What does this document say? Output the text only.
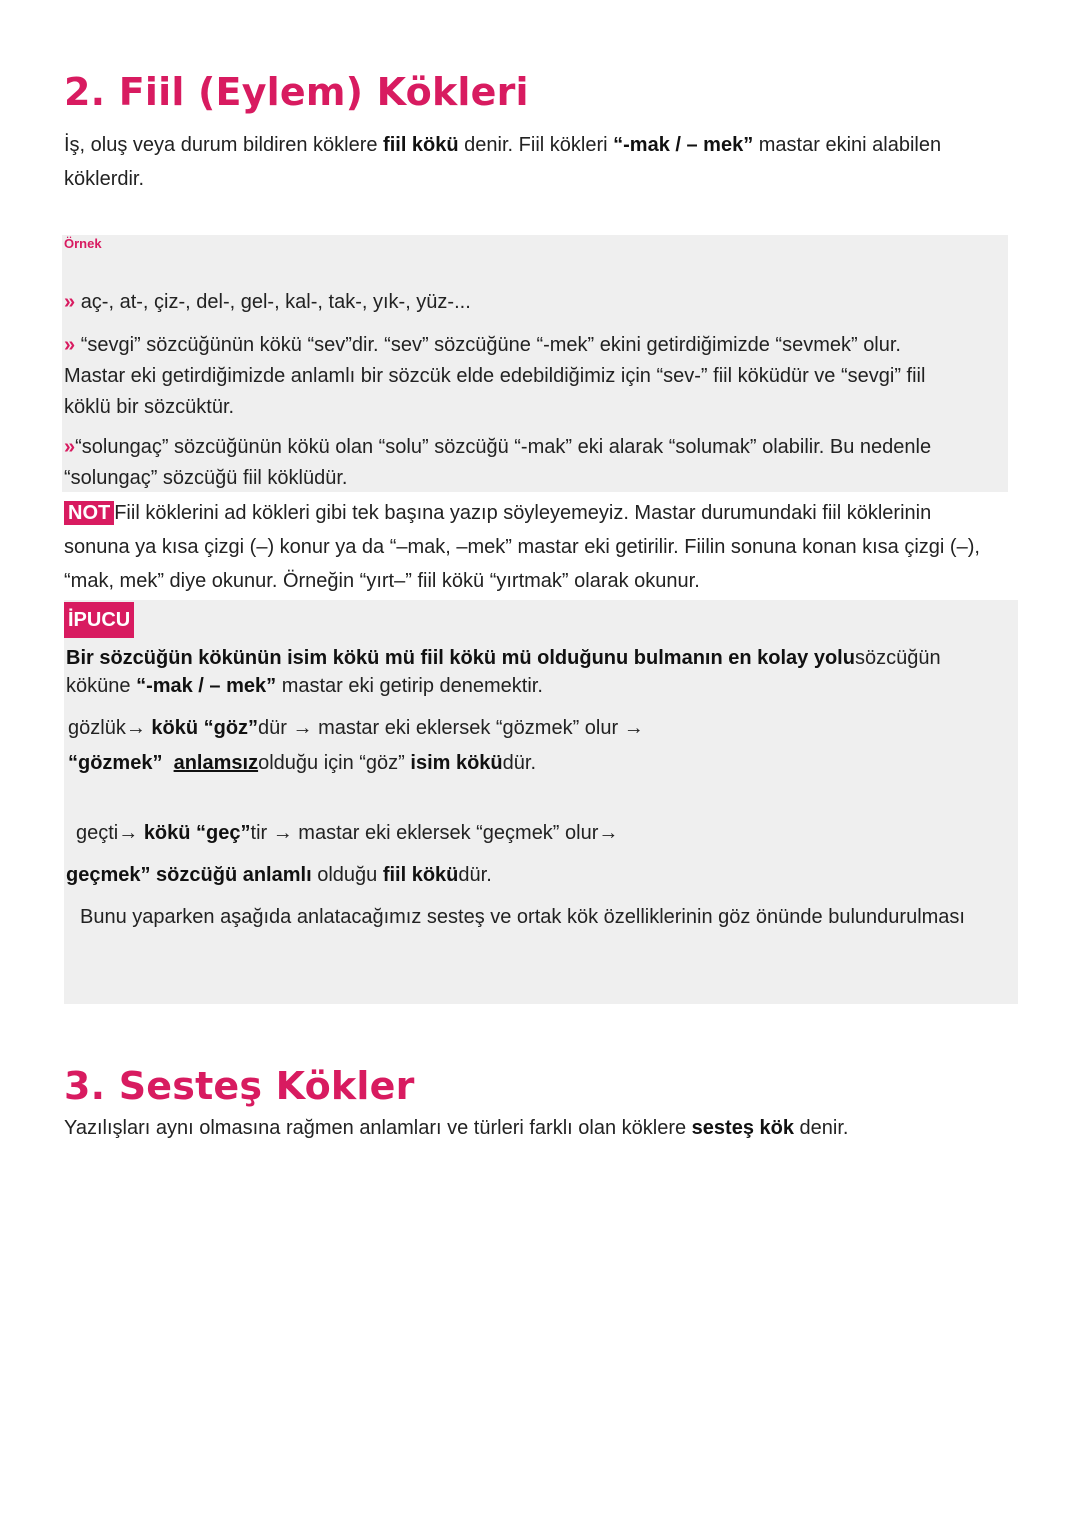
2. Fiil (Eylem) Kökleri
İş, oluş veya durum bildiren köklere fiil kökü denir. Fiil kökleri “-mak / – mek” mastar ekini alabilen
köklerdir.
Örnek
» aç-, at-, çiz-, del-, gel-, kal-, tak-, yık-, yüz-...
» “sevgi” sözcüğünün kökü “sev”dir. “sev” sözcüğüne “-mek” ekini getirdiğimizde “sevmek” olur.
Mastar eki getirdiğimizde anlamlı bir sözcük elde edebildiğimiz için “sev-” fiil köküdür ve “sevgi” fiil
köklü bir sözcüktür.
»“solungaç” sözcüğünün kökü olan “solu” sözcüğü “-mak” eki alarak “solumak” olabilir. Bu nedenle
“solungaç” sözcüğü fiil köklüdür.
NOT Fiil köklerini ad kökleri gibi tek başına yazıp söyleyemeyiz. Mastar durumundaki fiil köklerinin
sonuna ya kısa çizgi (–) konur ya da “–mak, –mek” mastar eki getirilir. Fiilin sonuna konan kısa çizgi (–),
“mak, mek” diye okunur. Örneğin “yırt–” fiil kökü “yırtmak” olarak okunur.
İPUCU
Bir sözcüğün kökünün isim kökü mü fiil kökü mü olduğunu bulmanın en kolay yolusözcüğün
köküne “-mak / – mek” mastar eki getirip denemektir.
gözlük→ kökü “göz”dür → mastar eki eklersek “gözmek” olur →
“gözmek” anlamsızolduğu için “göz” isim köküdür.
geçti→ kökü “geç”tir → mastar eki eklersek “geçmek” olur→
geçmek” sözcüğü anlamlı olduğu fiil köküdür.
Bunu yaparken aşağıda anlatacağımız sesteş ve ortak kök özelliklerinin göz önünde bulundurulması
3. Sesteş Kökler
Yazılışları aynı olmasına rağmen anlamları ve türleri farklı olan köklere sesteş kök denir.
